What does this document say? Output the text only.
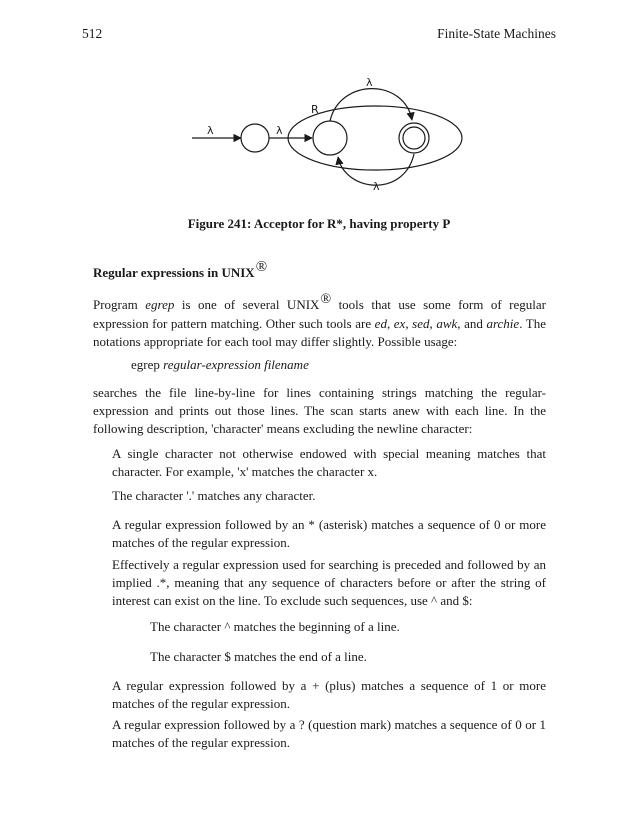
512	Finite-State Machines
λ	λ
λ
λ
R
Figure 241: Acceptor for R*, having property P
Regular expressions in UNIX®

Program egrep is one of several UNIX® tools that use some form of regular expression for pattern matching. Other such tools are ed, ex, sed, awk, and archie. The notations appropriate for each tool may differ slightly. Possible usage:

egrep regular-expression filename

searches the file line-by-line for lines containing strings matching the regular-expression and prints out those lines. The scan starts anew with each line. In the following description, 'character' means excluding the newline character:

A single character not otherwise endowed with special meaning matches that character. For example, 'x' matches the character x.

The character '.' matches any character.

A regular expression followed by an * (asterisk) matches a sequence of 0 or more matches of the regular expression.

Effectively a regular expression used for searching is preceded and followed by an implied .*, meaning that any sequence of characters before or after the string of interest can exist on the line. To exclude such sequences, use ^ and $:

The character ^ matches the beginning of a line.

The character $ matches the end of a line.

A regular expression followed by a + (plus) matches a sequence of 1 or more matches of the regular expression.

A regular expression followed by a ? (question mark) matches a sequence of 0 or 1 matches of the regular expression.
